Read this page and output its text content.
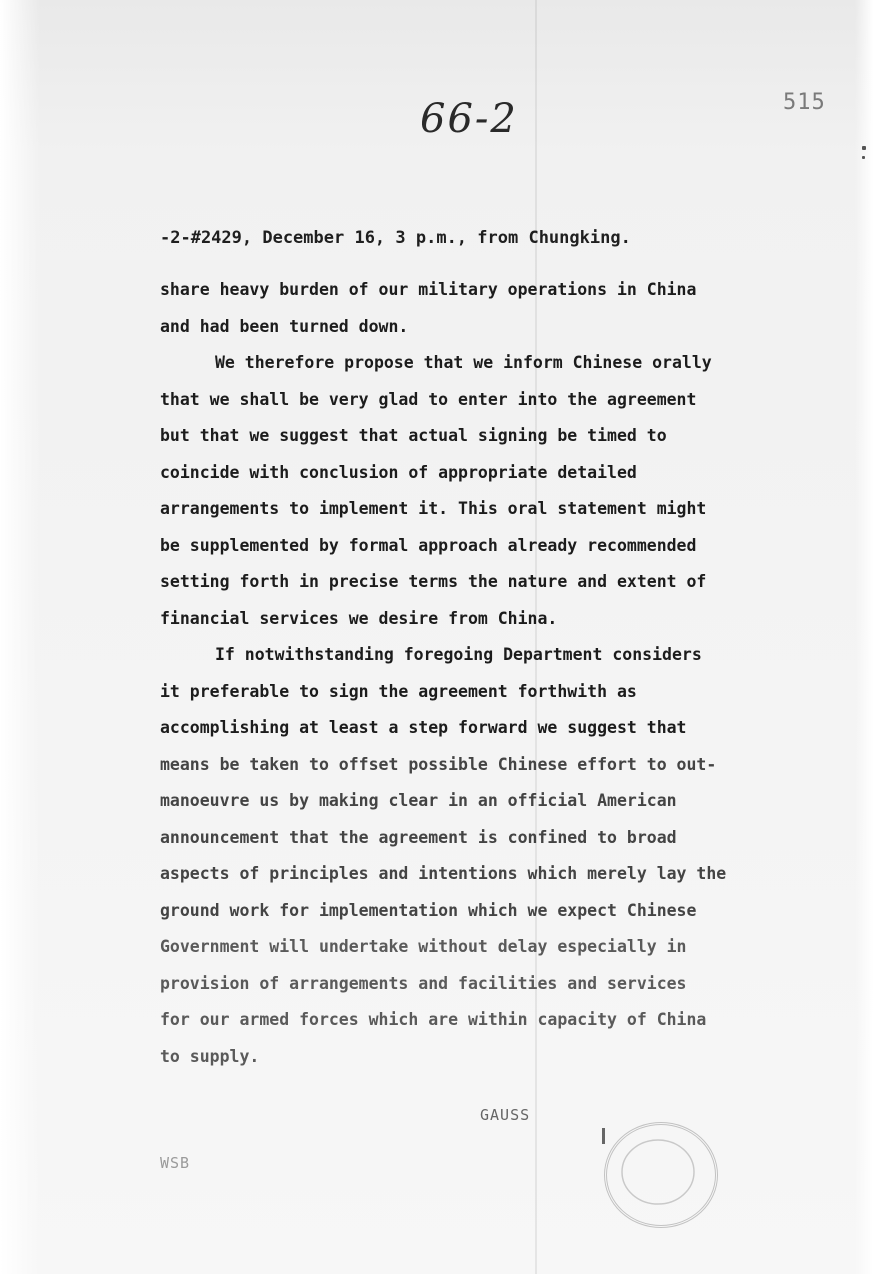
66-2	515
-2-#2429, December 16, 3 p.m., from Chungking.
share heavy burden of our military operations in China
and had been turned down.
We therefore propose that we inform Chinese orally
that we shall be very glad to enter into the agreement
but that we suggest that actual signing be timed to
coincide with conclusion of appropriate detailed
arrangements to implement it. This oral statement might
be supplemented by formal approach already recommended
setting forth in precise terms the nature and extent of
financial services we desire from China.
If notwithstanding foregoing Department considers
it preferable to sign the agreement forthwith as
accomplishing at least a step forward we suggest that
means be taken to offset possible Chinese effort to out-
manoeuvre us by making clear in an official American
announcement that the agreement is confined to broad
aspects of principles and intentions which merely lay the
ground work for implementation which we expect Chinese
Government will undertake without delay especially in
provision of arrangements and facilities and services
for our armed forces which are within capacity of China
to supply.
GAUSS
WSB
